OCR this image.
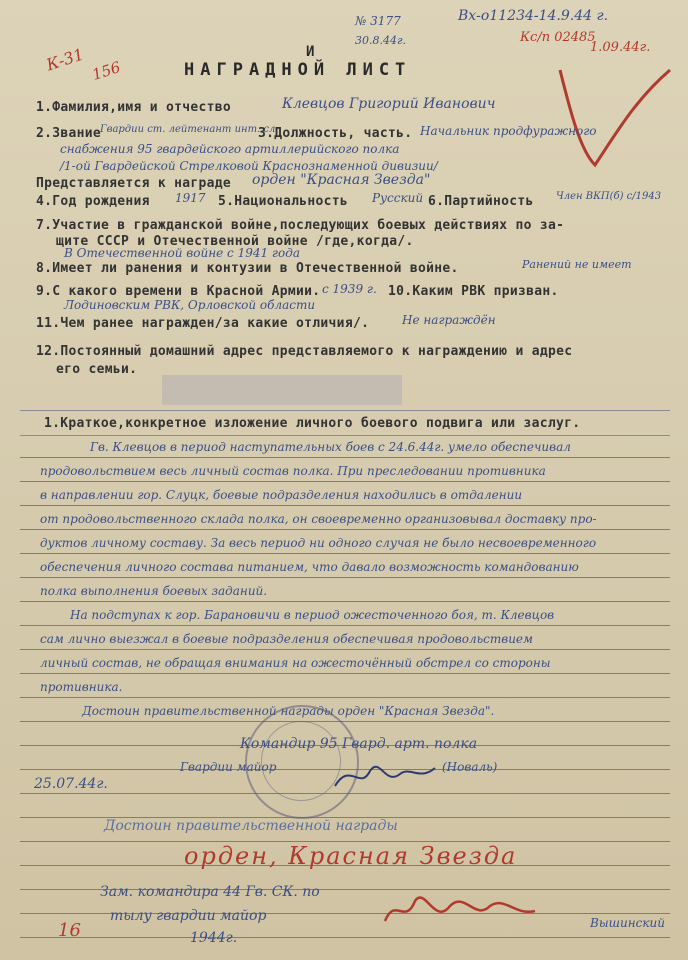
№ 3177
30.8.44г.
Вх-о11234-14.9.44 г.
Кс/n 02485
1.09.44г.
К-31 156
И
НАГРАДНОЙ ЛИСТ
1.Фамилия,имя и отчество	Клевцов Григорий Иванович
2.Звание
Гвардии ст. лейтенант инт. сл.
3.Должность, часть. Начальник продфуражного
снабжения 95 гвардейского артиллерийского полка
/1-ой Гвардейской Стрелковой Краснознаменной дивизии/
Представляется к награде орден "Красная Звезда"
4.Год рождения 1917 5.Национальность Русский 6.Партийность Член ВКП(б) с/1943
7.Участие в гражданской войне,последующих боевых действиях по за-
щите СССР и Отечественной войне /где,когда/.
В Отечественной войне с 1941 года
8.Имеет ли ранения и контузии в Отечественной войне.	Ранений не имеет
9.С какого времени в Красной Армии. с 1939 г. 10.Каким РВК призван.
Лодиновским РВК, Орловской области
11.Чем ранее награжден/за какие отличия/.	Не награждён
12.Постоянный домашний адрес представляемого к награждению и адрес
его семьи.
1.Краткое,конкретное изложение личного боевого подвига или заслуг.
Гв. Клевцов в период наступательных боев с 24.6.44г. умело обеспечивал
продовольствием весь личный состав полка. При преследовании противника
в направлении гор. Слуцк, боевые подразделения находились в отдалении
от продовольственного склада полка, он своевременно организовывал доставку про-
дуктов личному составу. За весь период ни одного случая не было несвоевременного
обеспечения личного состава питанием, что давало возможность командованию
полка выполнения боевых заданий.
На подступах к гор. Барановичи в период ожесточенного боя, т. Клевцов
сам лично выезжал в боевые подразделения обеспечивая продовольствием
личный состав, не обращая внимания на ожесточённый обстрел со стороны
противника.
Достоин правительственной награды орден "Красная Звезда".
Командир 95 Гвард. арт. полка
Гвардии майор	(Новаль)
25.07.44г.
Достоин правительственной награды
орден, Красная Звезда
Зам. командира 44 Гв. СК. по
тылу гвардии майор
1944г.
Вышинский
16
